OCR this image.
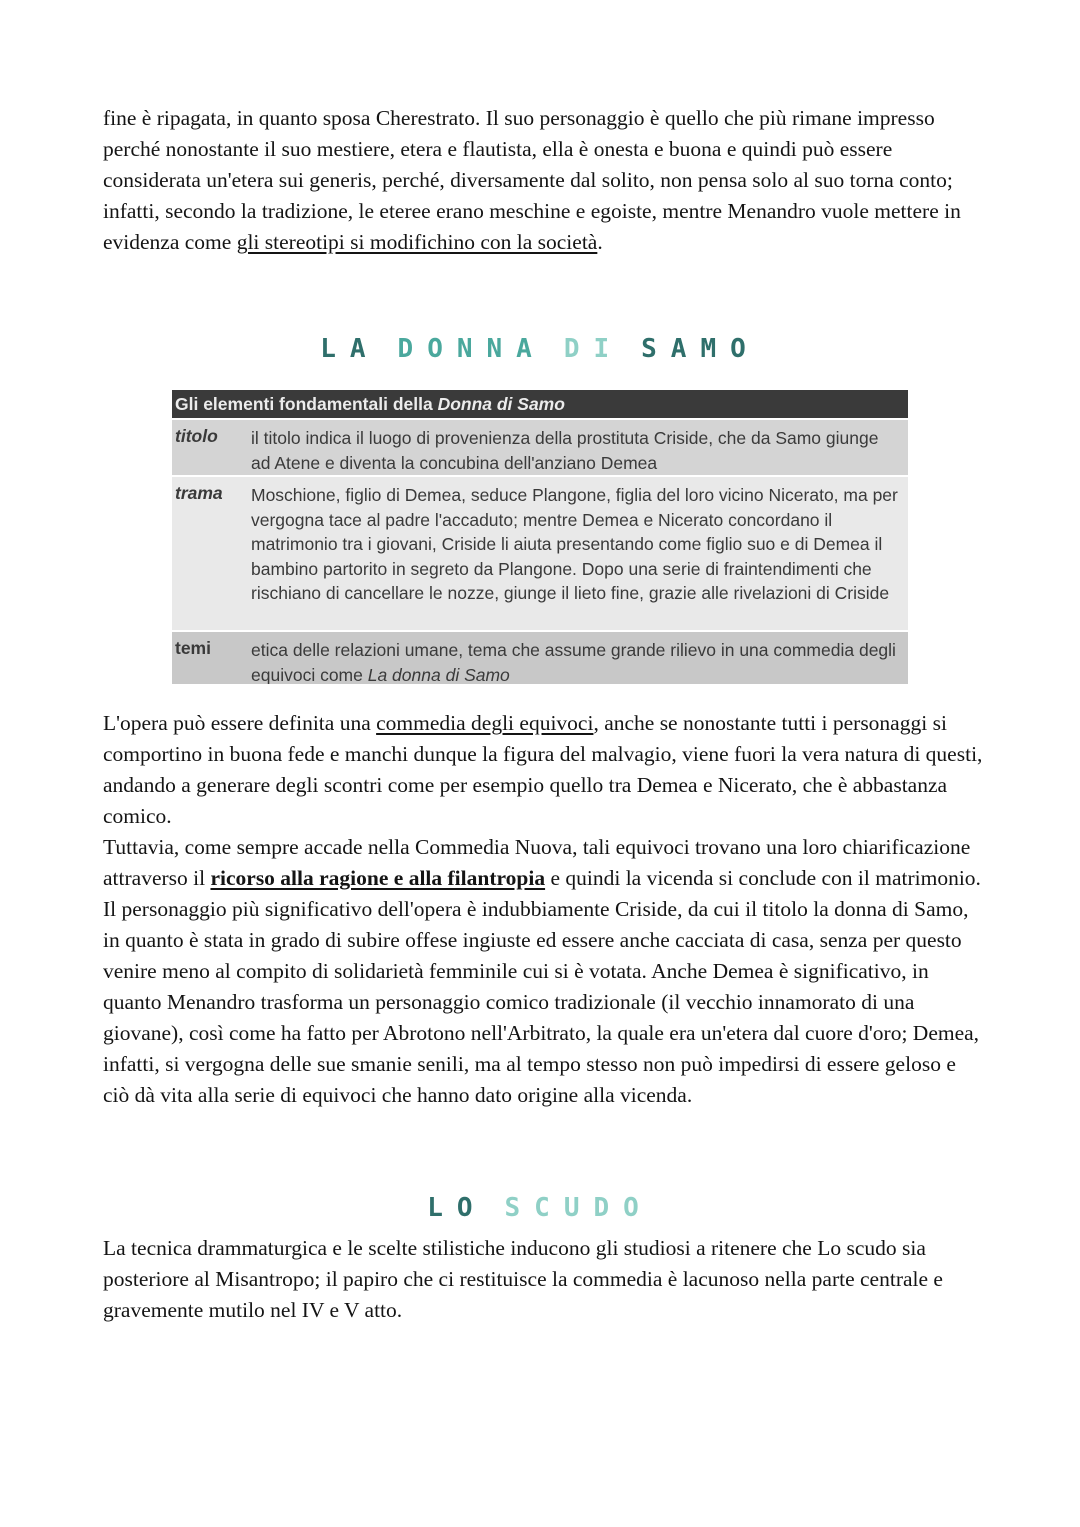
fine è ripagata, in quanto sposa Cherestrato. Il suo personaggio è quello che più rimane impresso perché nonostante il suo mestiere, etera e flautista, ella è onesta e buona e quindi può essere considerata un'etera sui generis, perché, diversamente dal solito, non pensa solo al suo torna conto; infatti, secondo la tradizione, le eteree erano meschine e egoiste, mentre Menandro vuole mettere in evidenza come gli stereotipi si modifichino con la società.

LA DONNA DI SAMO
Gli elementi fondamentali della Donna di Samo
titolo	il titolo indica il luogo di provenienza della prostituta Criside, che da Samo giunge ad Atene e diventa la concubina dell'anziano Demea
trama	Moschione, figlio di Demea, seduce Plangone, figlia del loro vicino Nicerato, ma per vergogna tace al padre l'accaduto; mentre Demea e Nicerato concordano il matrimonio tra i giovani, Criside li aiuta presentando come figlio suo e di Demea il bambino partorito in segreto da Plangone. Dopo una serie di fraintendimenti che rischiano di cancellare le nozze, giunge il lieto fine, grazie alle rivelazioni di Criside
temi	etica delle relazioni umane, tema che assume grande rilievo in una commedia degli equivoci come La donna di Samo

L'opera può essere definita una commedia degli equivoci, anche se nonostante tutti i personaggi si comportino in buona fede e manchi dunque la figura del malvagio, viene fuori la vera natura di questi, andando a generare degli scontri come per esempio quello tra Demea e Nicerato, che è abbastanza comico.

Tuttavia, come sempre accade nella Commedia Nuova, tali equivoci trovano una loro chiarificazione attraverso il ricorso alla ragione e alla filantropia e quindi la vicenda si conclude con il matrimonio.

Il personaggio più significativo dell'opera è indubbiamente Criside, da cui il titolo la donna di Samo, in quanto è stata in grado di subire offese ingiuste ed essere anche cacciata di casa, senza per questo venire meno al compito di solidarietà femminile cui si è votata. Anche Demea è significativo, in quanto Menandro trasforma un personaggio comico tradizionale (il vecchio innamorato di una giovane), così come ha fatto per Abrotono nell'Arbitrato, la quale era un'etera dal cuore d'oro; Demea, infatti, si vergogna delle sue smanie senili, ma al tempo stesso non può impedirsi di essere geloso e ciò dà vita alla serie di equivoci che hanno dato origine alla vicenda.

LO SCUDO

La tecnica drammaturgica e le scelte stilistiche inducono gli studiosi a ritenere che Lo scudo sia posteriore al Misantropo; il papiro che ci restituisce la commedia è lacunoso nella parte centrale e gravemente mutilo nel IV e V atto.
